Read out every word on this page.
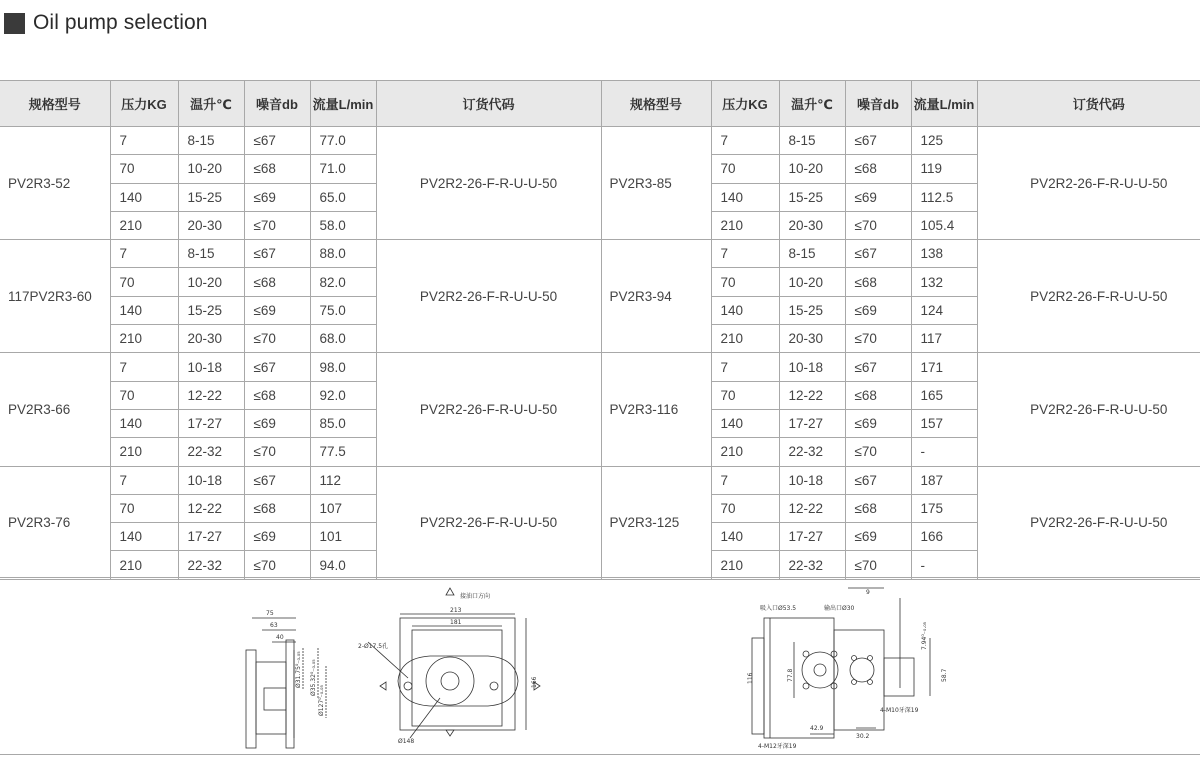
Oil pump selection
规格型号	压力KG	温升℃	噪音db	流量L/min	订货代码	规格型号	压力KG	温升℃	噪音db	流量L/min	订货代码
PV2R3-52	7	8-15	≤67	77.0	PV2R2-26-F-R-U-U-50	PV2R3-85	7	8-15	≤67	125	PV2R2-26-F-R-U-U-50
	70	10-20	≤68	71.0			70	10-20	≤68	119	
	140	15-25	≤69	65.0			140	15-25	≤69	112.5	
	210	20-30	≤70	58.0			210	20-30	≤70	105.4	
117PV2R3-60	7	8-15	≤67	88.0	PV2R2-26-F-R-U-U-50	PV2R3-94	7	8-15	≤67	138	PV2R2-26-F-R-U-U-50
	70	10-20	≤68	82.0			70	10-20	≤68	132	
	140	15-25	≤69	75.0			140	15-25	≤69	124	
	210	20-30	≤70	68.0			210	20-30	≤70	117	
PV2R3-66	7	10-18	≤67	98.0	PV2R2-26-F-R-U-U-50	PV2R3-116	7	10-18	≤67	171	PV2R2-26-F-R-U-U-50
	70	12-22	≤68	92.0			70	12-22	≤68	165	
	140	17-27	≤69	85.0			140	17-27	≤69	157	
	210	22-32	≤70	77.5			210	22-32	≤70	-	
PV2R3-76	7	10-18	≤67	112	PV2R2-26-F-R-U-U-50	PV2R3-125	7	10-18	≤67	187	PV2R2-26-F-R-U-U-50
	70	12-22	≤68	107			70	12-22	≤68	175	
	140	17-27	≤69	101			140	17-27	≤69	166	
	210	22-32	≤70	94.0			210	22-32	≤70	-	
75
63
40
Ø31.75⁰₋₀.₀₅ Ø35.32⁰₋₀.₀₅
Ø127⁰₋₀.₀₅
接油口方向
213
181
2-Ø17.5孔
166
Ø148
吸入口Ø53.5	输出口Ø30
9
116	77.8
42.9
30.2
4-M10牙深19
4-M12牙深19
7.94⁰₋₀.₀₅
58.7
